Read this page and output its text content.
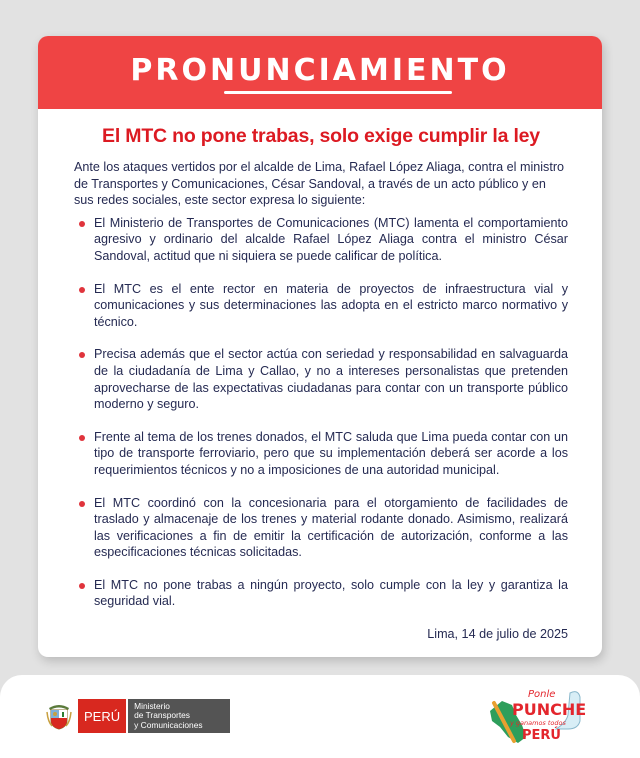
PRONUNCIAMIENTO
El MTC no pone trabas, solo exige cumplir la ley

Ante los ataques vertidos por el alcalde de Lima, Rafael López Aliaga, contra el ministro de Transportes y Comunicaciones, César Sandoval, a través de un acto público y en sus redes sociales, este sector expresa lo siguiente:

El Ministerio de Transportes de Comunicaciones (MTC) lamenta el comportamiento agresivo y ordinario del alcalde Rafael López Aliaga contra el ministro César Sandoval, actitud que ni siquiera se puede calificar de política.
El MTC es el ente rector en materia de proyectos de infraestructura vial y comunicaciones y sus determinaciones las adopta en el estricto marco normativo y técnico.
Precisa además que el sector actúa con seriedad y responsabilidad en salvaguarda de la ciudadanía de Lima y Callao, y no a intereses personalistas que pretenden aprovecharse de las expectativas ciudadanas para contar con un transporte público moderno y seguro.
Frente al tema de los trenes donados, el MTC saluda que Lima pueda contar con un tipo de transporte ferroviario, pero que su implementación deberá ser acorde a los requerimientos técnicos y no a imposiciones de una autoridad municipal.
El MTC coordinó con la concesionaria para el otorgamiento de facilidades de traslado y almacenaje de los trenes y material rodante donado. Asimismo, realizará las verificaciones a fin de emitir la certificación de autorización, conforme a las especificaciones técnicas solicitadas.
El MTC no pone trabas a ningún proyecto, solo cumple con la ley y garantiza la seguridad vial.

Lima, 14 de julio de 2025

PERÚ
Ministerio
de Transportes
y Comunicaciones
Ponle
PUNCHE
y ganamos todos
PERÚ
